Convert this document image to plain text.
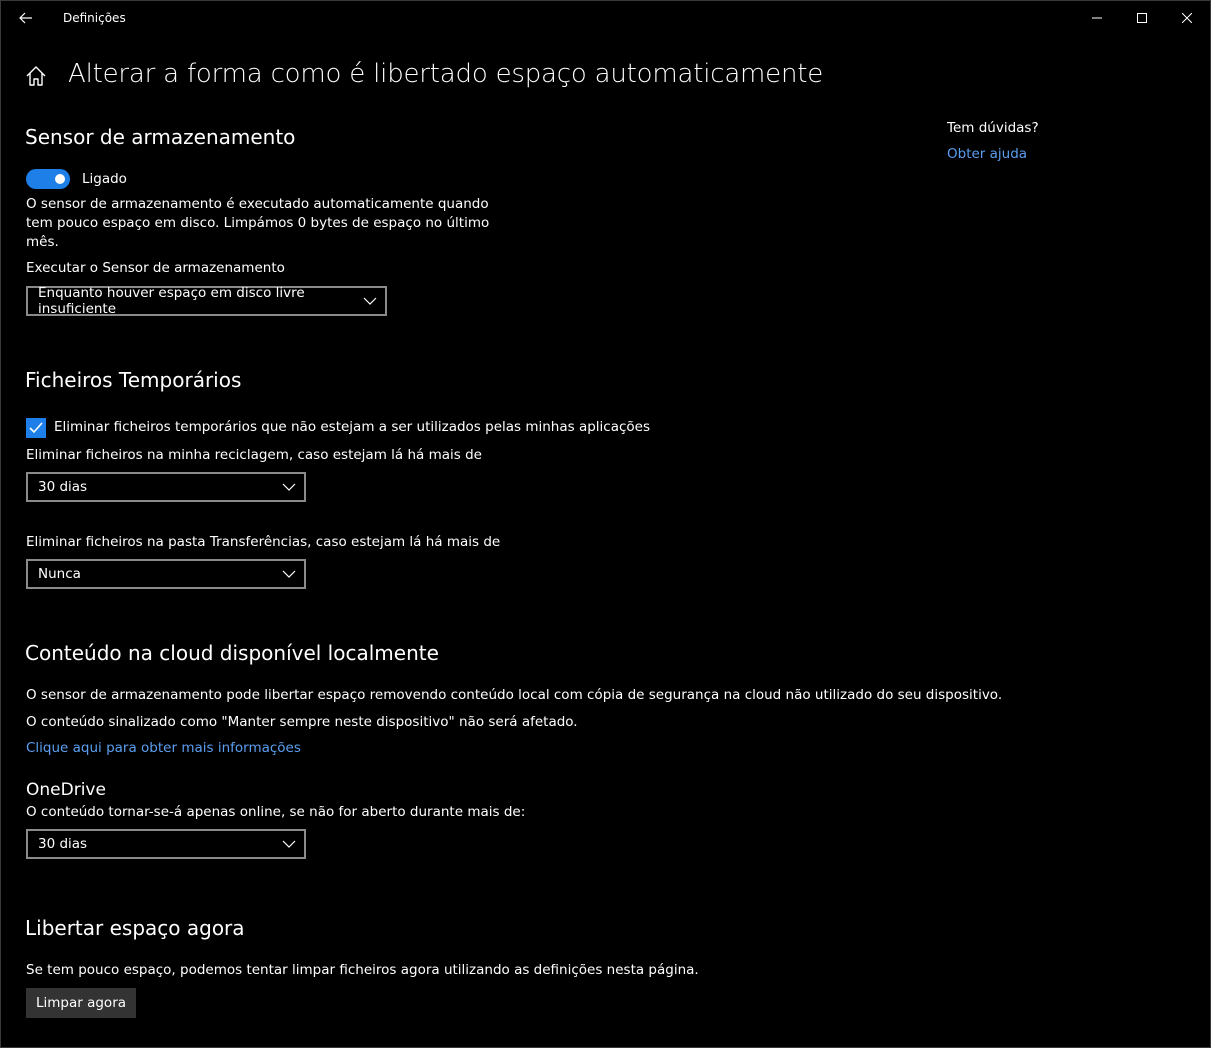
Definições
Alterar a forma como é libertado espaço automaticamente
Tem dúvidas?
Obter ajuda
Sensor de armazenamento
Ligado
O sensor de armazenamento é executado automaticamente quando
tem pouco espaço em disco. Limpámos 0 bytes de espaço no último
mês.
Executar o Sensor de armazenamento
Enquanto houver espaço em disco livre insuficiente
Ficheiros Temporários
Eliminar ficheiros temporários que não estejam a ser utilizados pelas minhas aplicações
Eliminar ficheiros na minha reciclagem, caso estejam lá há mais de
30 dias
Eliminar ficheiros na pasta Transferências, caso estejam lá há mais de
Nunca
Conteúdo na cloud disponível localmente
O sensor de armazenamento pode libertar espaço removendo conteúdo local com cópia de segurança na cloud não utilizado do seu dispositivo.
O conteúdo sinalizado como "Manter sempre neste dispositivo" não será afetado.
Clique aqui para obter mais informações
OneDrive
O conteúdo tornar-se-á apenas online, se não for aberto durante mais de:
30 dias
Libertar espaço agora
Se tem pouco espaço, podemos tentar limpar ficheiros agora utilizando as definições nesta página.
Limpar agora
